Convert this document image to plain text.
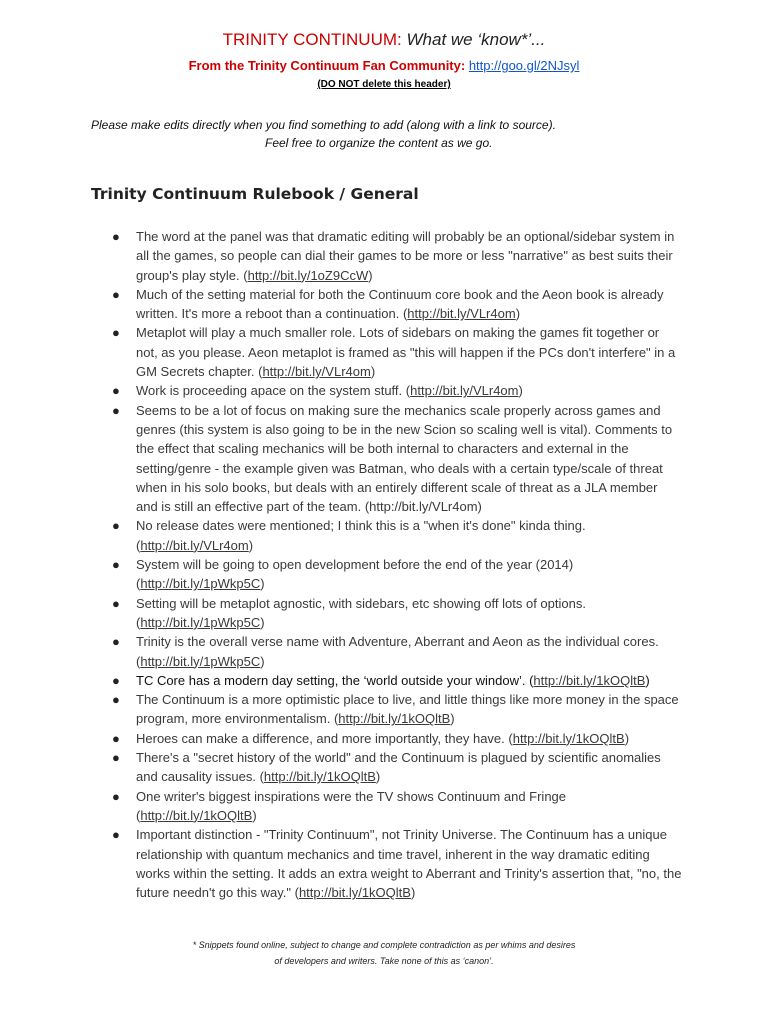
TRINITY CONTINUUM: What we ‘know*’...
From the Trinity Continuum Fan Community: http://goo.gl/2NJsyl
(DO NOT delete this header)
Please make edits directly when you find something to add (along with a link to source).
Feel free to organize the content as we go.
Trinity Continuum Rulebook / General
●	The word at the panel was that dramatic editing will probably be an optional/sidebar system in all the games, so people can dial their games to be more or less "narrative" as best suits their group's play style. (http://bit.ly/1oZ9CcW)
●	Much of the setting material for both the Continuum core book and the Aeon book is already written. It's more a reboot than a continuation. (http://bit.ly/VLr4om)
●	Metaplot will play a much smaller role. Lots of sidebars on making the games fit together or not, as you please. Aeon metaplot is framed as "this will happen if the PCs don't interfere" in a GM Secrets chapter. (http://bit.ly/VLr4om)
●	Work is proceeding apace on the system stuff. (http://bit.ly/VLr4om)
●	Seems to be a lot of focus on making sure the mechanics scale properly across games and genres (this system is also going to be in the new Scion so scaling well is vital). Comments to the effect that scaling mechanics will be both internal to characters and external in the setting/genre - the example given was Batman, who deals with a certain type/scale of threat when in his solo books, but deals with an entirely different scale of threat as a JLA member and is still an effective part of the team. (http://bit.ly/VLr4om)
●	No release dates were mentioned; I think this is a "when it's done" kinda thing. (http://bit.ly/VLr4om)
●	System will be going to open development before the end of the year (2014) (http://bit.ly/1pWkp5C)
●	Setting will be metaplot agnostic, with sidebars, etc showing off lots of options. (http://bit.ly/1pWkp5C)
●	Trinity is the overall verse name with Adventure, Aberrant and Aeon as the individual cores. (http://bit.ly/1pWkp5C)
●	TC Core has a modern day setting, the ‘world outside your window’. (http://bit.ly/1kOQltB)
●	The Continuum is a more optimistic place to live, and little things like more money in the space program, more environmentalism. (http://bit.ly/1kOQltB)
●	Heroes can make a difference, and more importantly, they have. (http://bit.ly/1kOQltB)
●	There's a "secret history of the world" and the Continuum is plagued by scientific anomalies and causality issues. (http://bit.ly/1kOQltB)
●	One writer's biggest inspirations were the TV shows Continuum and Fringe (http://bit.ly/1kOQltB)
●	Important distinction - "Trinity Continuum", not Trinity Universe. The Continuum has a unique relationship with quantum mechanics and time travel, inherent in the way dramatic editing works within the setting. It adds an extra weight to Aberrant and Trinity's assertion that, "no, the future needn't go this way." (http://bit.ly/1kOQltB)
* Snippets found online, subject to change and complete contradiction as per whims and desires
of developers and writers. Take none of this as ‘canon’.
